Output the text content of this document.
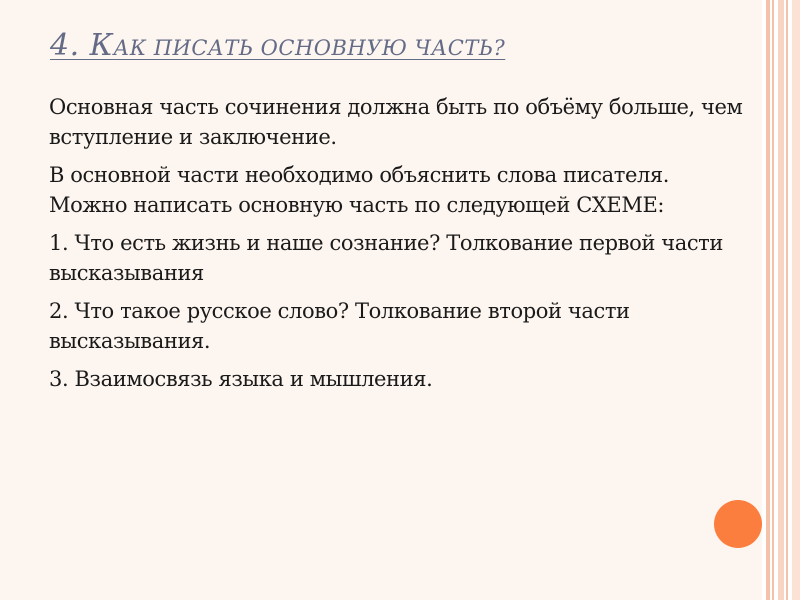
4. КАК ПИСАТЬ ОСНОВНУЮ ЧАСТЬ?

Основная часть сочинения должна быть по объёму больше, чем вступление и заключение.

В основной части необходимо объяснить слова писателя. Можно написать основную часть по следующей СХЕМЕ:

1. Что есть жизнь и наше сознание? Толкование первой части высказывания

2. Что такое русское слово? Толкование второй части высказывания.

3. Взаимосвязь языка и мышления.
